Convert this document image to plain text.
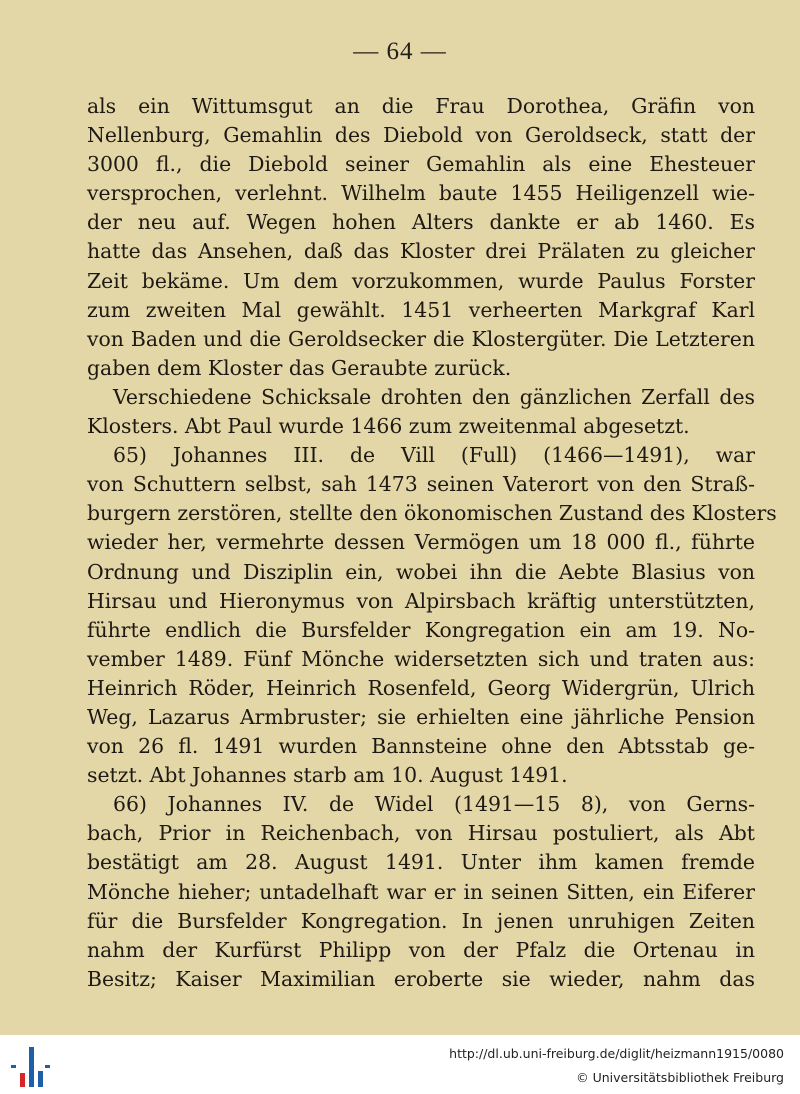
— 64 —
als ein Wittumsgut an die Frau Dorothea, Gräfin von
Nellenburg, Gemahlin des Diebold von Geroldseck, statt der
3000 fl., die Diebold seiner Gemahlin als eine Ehesteuer
versprochen, verlehnt. Wilhelm baute 1455 Heiligenzell wie-
der neu auf. Wegen hohen Alters dankte er ab 1460. Es
hatte das Ansehen, daß das Kloster drei Prälaten zu gleicher
Zeit bekäme. Um dem vorzukommen, wurde Paulus Forster
zum zweiten Mal gewählt. 1451 verheerten Markgraf Karl
von Baden und die Geroldsecker die Klostergüter. Die Letzteren
gaben dem Kloster das Geraubte zurück.
Verschiedene Schicksale drohten den gänzlichen Zerfall des
Klosters. Abt Paul wurde 1466 zum zweitenmal abgesetzt.
65) Johannes III. de Vill (Full) (1466—1491), war
von Schuttern selbst, sah 1473 seinen Vaterort von den Straß-
burgern zerstören, stellte den ökonomischen Zustand des Klosters
wieder her, vermehrte dessen Vermögen um 18 000 fl., führte
Ordnung und Disziplin ein, wobei ihn die Aebte Blasius von
Hirsau und Hieronymus von Alpirsbach kräftig unterstützten,
führte endlich die Bursfelder Kongregation ein am 19. No-
vember 1489. Fünf Mönche widersetzten sich und traten aus:
Heinrich Röder, Heinrich Rosenfeld, Georg Widergrün, Ulrich
Weg, Lazarus Armbruster; sie erhielten eine jährliche Pension
von 26 fl. 1491 wurden Bannsteine ohne den Abtsstab ge-
setzt. Abt Johannes starb am 10. August 1491.
66) Johannes IV. de Widel (1491—15 8), von Gerns-
bach, Prior in Reichenbach, von Hirsau postuliert, als Abt
bestätigt am 28. August 1491. Unter ihm kamen fremde
Mönche hieher; untadelhaft war er in seinen Sitten, ein Eiferer
für die Bursfelder Kongregation. In jenen unruhigen Zeiten
nahm der Kurfürst Philipp von der Pfalz die Ortenau in
Besitz; Kaiser Maximilian eroberte sie wieder, nahm das
http://dl.ub.uni-freiburg.de/diglit/heizmann1915/0080
© Universitätsbibliothek Freiburg
